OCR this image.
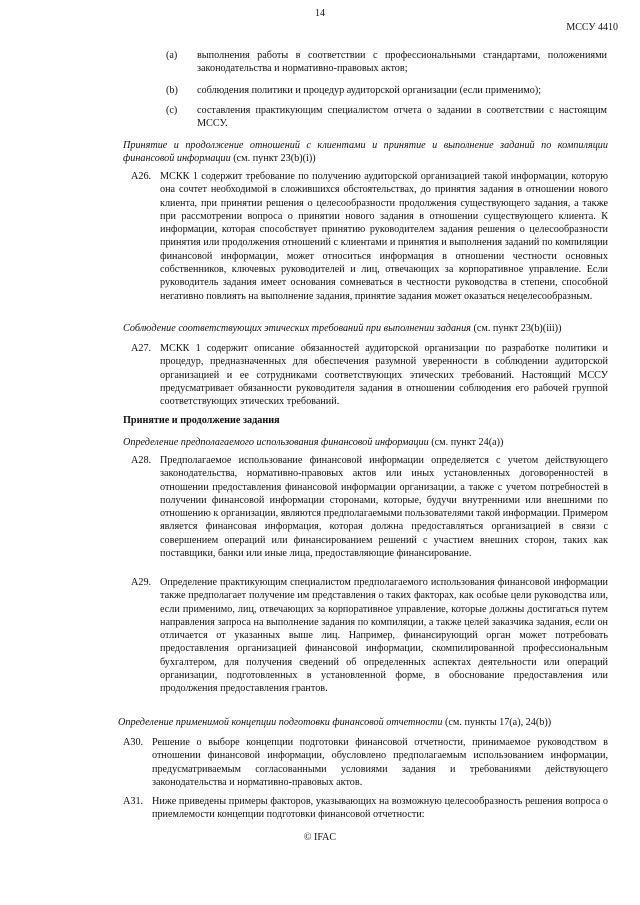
14
МССУ 4410
(a) выполнения работы в соответствии с профессиональными стандартами, положениями законодательства и нормативно-правовых актов;
(b) соблюдения политики и процедур аудиторской организации (если применимо);
(c) составления практикующим специалистом отчета о задании в соответствии с настоящим МССУ.
Принятие и продолжение отношений с клиентами и принятие и выполнение заданий по компиляции финансовой информации (см. пункт 23(b)(i))
A26. МСКК 1 содержит требование по получению аудиторской организацией такой информации, которую она сочтет необходимой в сложившихся обстоятельствах, до принятия задания в отношении нового клиента, при принятии решения о целесообразности продолжения существующего задания, а также при рассмотрении вопроса о принятии нового задания в отношении существующего клиента. К информации, которая способствует принятию руководителем задания решения о целесообразности принятия или продолжения отношений с клиентами и принятия и выполнения заданий по компиляции финансовой информации, может относиться информация в отношении честности основных собственников, ключевых руководителей и лиц, отвечающих за корпоративное управление. Если руководитель задания имеет основания сомневаться в честности руководства в степени, способной негативно повлиять на выполнение задания, принятие задания может оказаться нецелесообразным.
Соблюдение соответствующих этических требований при выполнении задания (см. пункт 23(b)(iii))
A27. МСКК 1 содержит описание обязанностей аудиторской организации по разработке политики и процедур, предназначенных для обеспечения разумной уверенности в соблюдении аудиторской организацией и ее сотрудниками соответствующих этических требований. Настоящий МССУ предусматривает обязанности руководителя задания в отношении соблюдения его рабочей группой соответствующих этических требований.
Принятие и продолжение задания
Определение предполагаемого использования финансовой информации (см. пункт 24(a))
A28. Предполагаемое использование финансовой информации определяется с учетом действующего законодательства, нормативно-правовых актов или иных установленных договоренностей в отношении предоставления финансовой информации организации, а также с учетом потребностей в получении финансовой информации сторонами, которые, будучи внутренними или внешними по отношению к организации, являются предполагаемыми пользователями такой информации. Примером является финансовая информация, которая должна предоставляться организацией в связи с совершением операций или финансированием решений с участием внешних сторон, таких как поставщики, банки или иные лица, предоставляющие финансирование.
A29. Определение практикующим специалистом предполагаемого использования финансовой информации также предполагает получение им представления о таких факторах, как особые цели руководства или, если применимо, лиц, отвечающих за корпоративное управление, которые должны достигаться путем направления запроса на выполнение задания по компиляции, а также целей заказчика задания, если он отличается от указанных выше лиц. Например, финансирующий орган может потребовать предоставления организацией финансовой информации, скомпилированной профессиональным бухгалтером, для получения сведений об определенных аспектах деятельности или операций организации, подготовленных в установленной форме, в обоснование предоставления или продолжения предоставления грантов.
Определение применимой концепции подготовки финансовой отчетности (см. пункты 17(a), 24(b))
A30. Решение о выборе концепции подготовки финансовой отчетности, принимаемое руководством в отношении финансовой информации, обусловлено предполагаемым использованием информации, предусматриваемым согласованными условиями задания и требованиями действующего законодательства и нормативно-правовых актов.
A31. Ниже приведены примеры факторов, указывающих на возможную целесообразность решения вопроса о приемлемости концепции подготовки финансовой отчетности:
© IFAC
